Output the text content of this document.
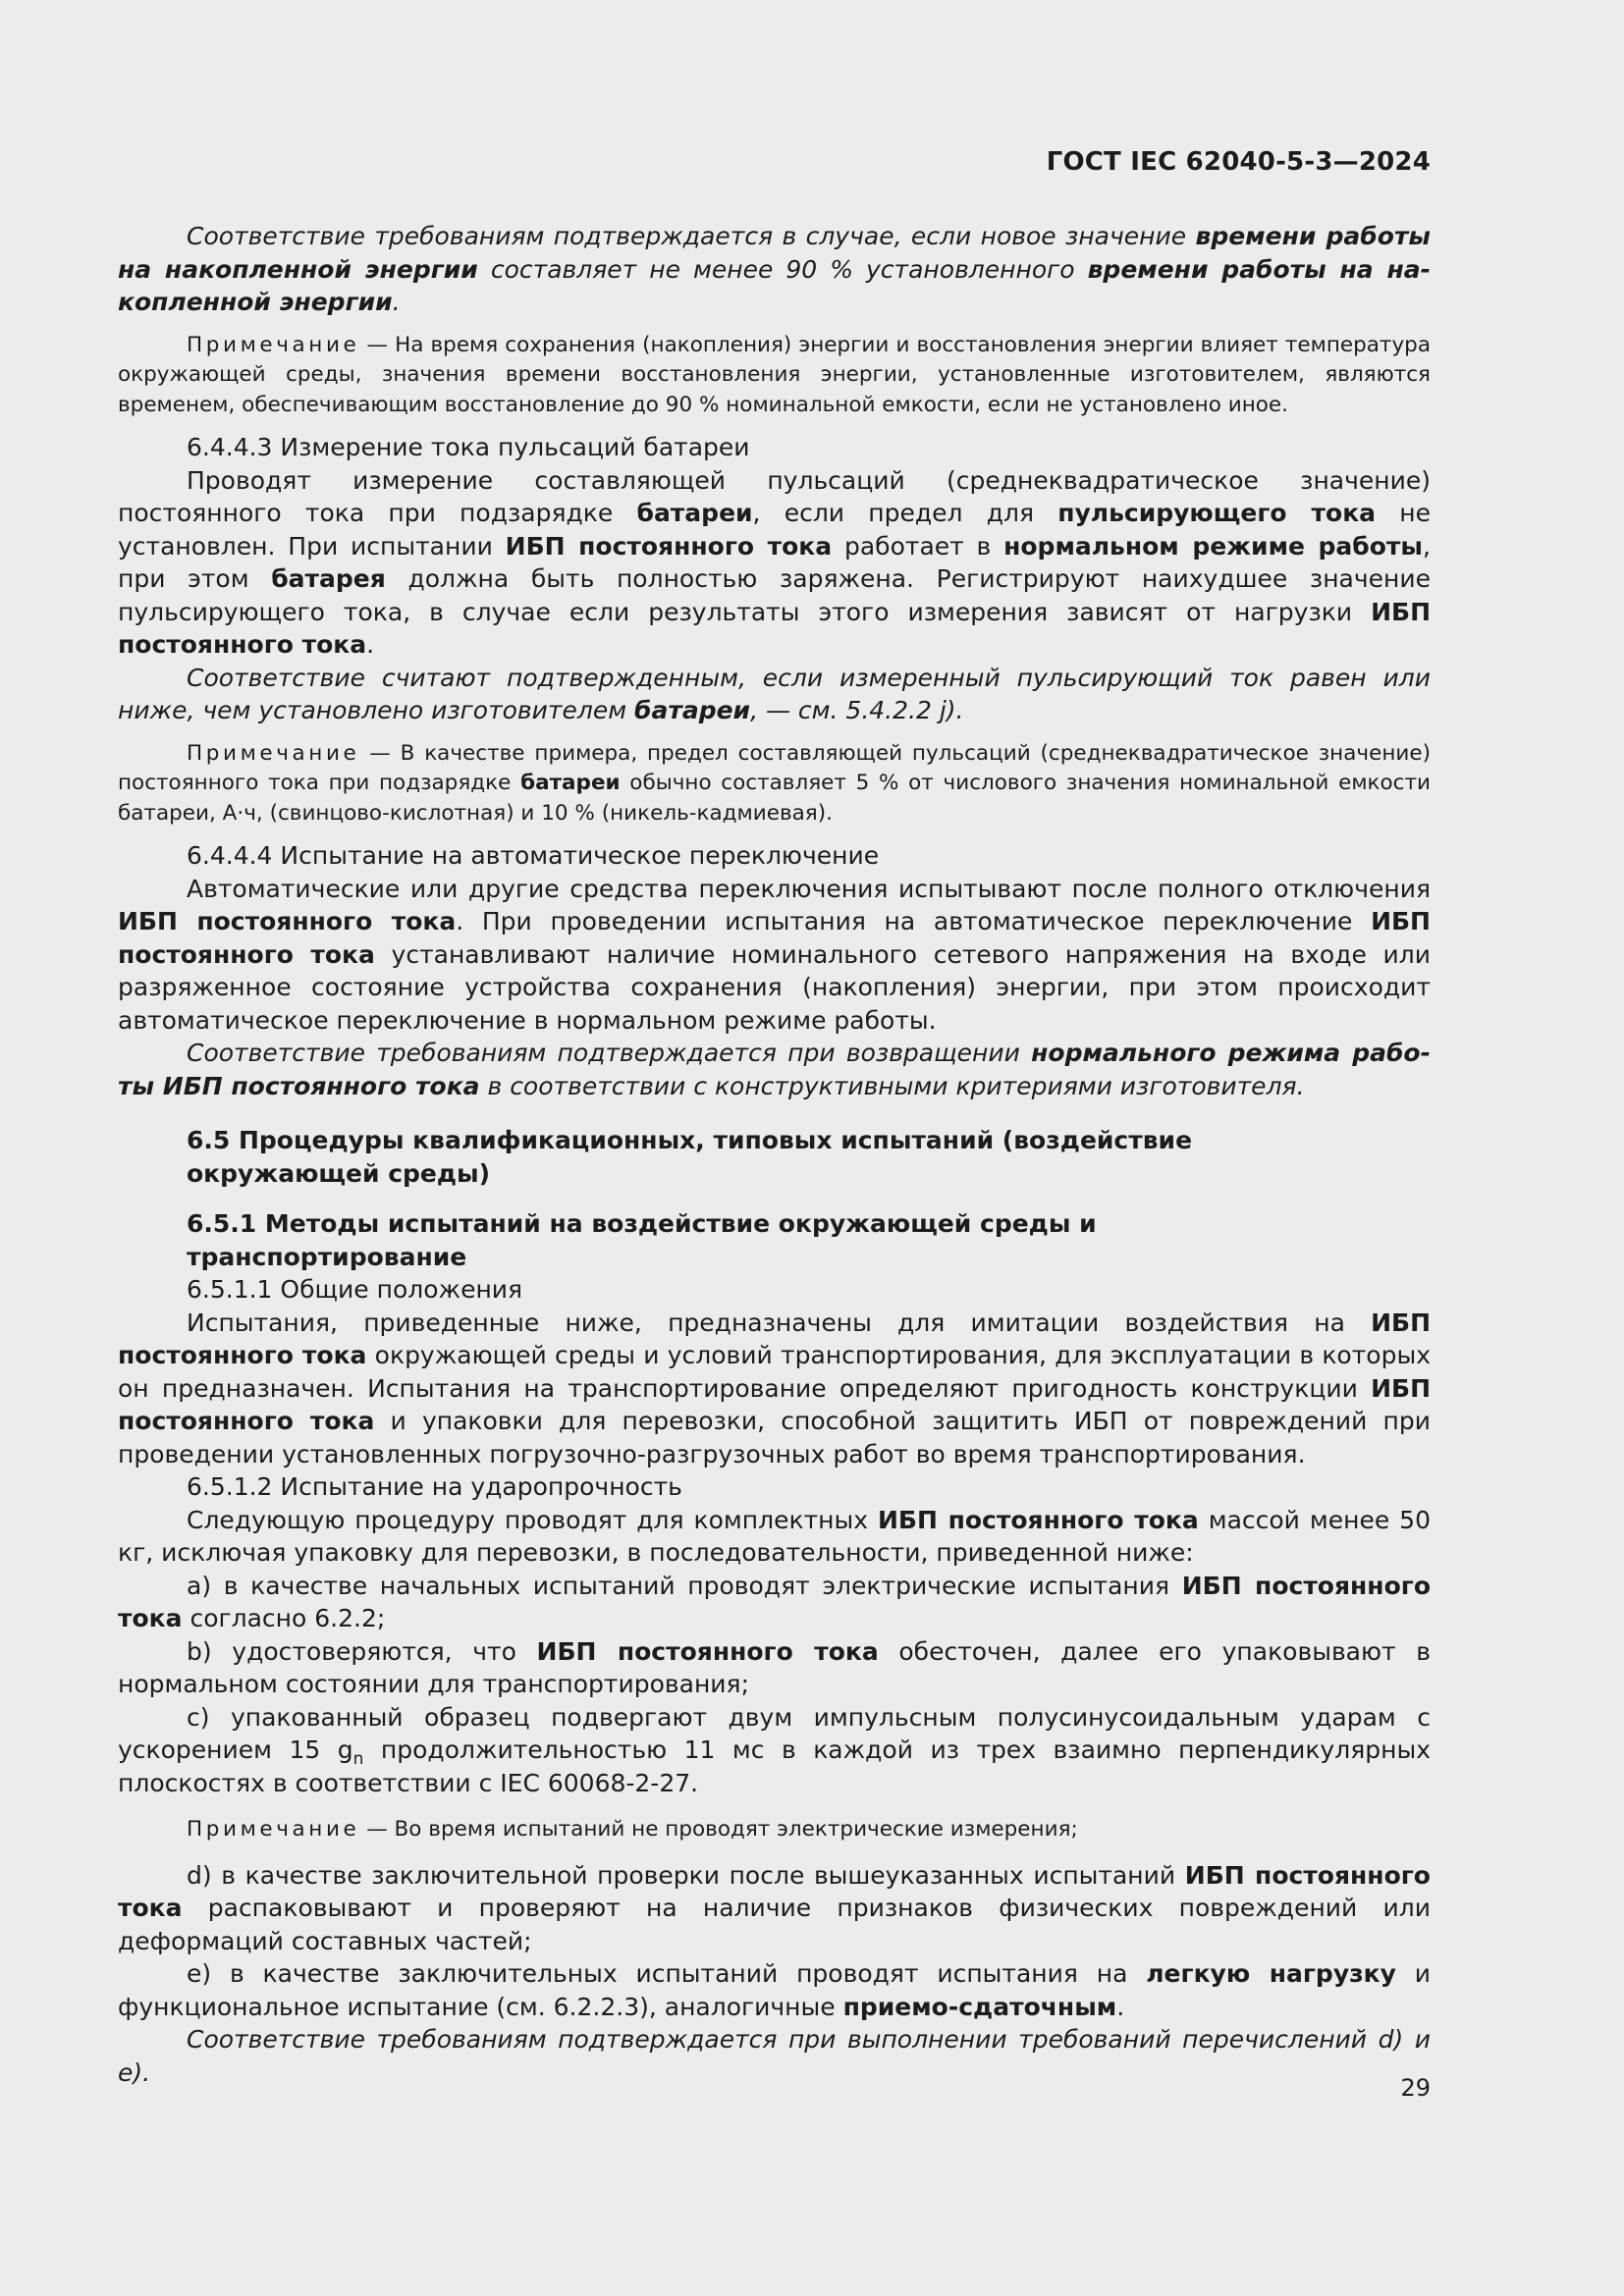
ГОСТ IEC 62040-5-3—2024

Соответствие требованиям подтверждается в случае, если новое значение времени работы на накопленной энергии составляет не менее 90 % установленного времени работы на накопленной энергии.

Примечание — На время сохранения (накопления) энергии и восстановления энергии влияет температура окружающей среды, значения времени восстановления энергии, установленные изготовителем, являются временем, обеспечивающим восстановление до 90 % номинальной емкости, если не установлено иное.

6.4.4.3 Измерение тока пульсаций батареи

Проводят измерение составляющей пульсаций (среднеквадратическое значение) постоянного тока при подзарядке батареи, если предел для пульсирующего тока не установлен. При испытании ИБП постоянного тока работает в нормальном режиме работы, при этом батарея должна быть полностью заряжена. Регистрируют наихудшее значение пульсирующего тока, в случае если результаты этого измерения зависят от нагрузки ИБП постоянного тока.

Соответствие считают подтвержденным, если измеренный пульсирующий ток равен или ниже, чем установлено изготовителем батареи, — см. 5.4.2.2 j).

Примечание — В качестве примера, предел составляющей пульсаций (среднеквадратическое значение) постоянного тока при подзарядке батареи обычно составляет 5 % от числового значения номинальной емкости батареи, А·ч, (свинцово-кислотная) и 10 % (никель-кадмиевая).

6.4.4.4 Испытание на автоматическое переключение

Автоматические или другие средства переключения испытывают после полного отключения ИБП постоянного тока. При проведении испытания на автоматическое переключение ИБП постоянного тока устанавливают наличие номинального сетевого напряжения на входе или разряженное состояние устройства сохранения (накопления) энергии, при этом происходит автоматическое переключение в нормальном режиме работы.

Соответствие требованиям подтверждается при возвращении нормального режима работы ИБП постоянного тока в соответствии с конструктивными критериями изготовителя.

6.5 Процедуры квалификационных, типовых испытаний (воздействие окружающей среды)

6.5.1 Методы испытаний на воздействие окружающей среды и транспортирование

6.5.1.1 Общие положения

Испытания, приведенные ниже, предназначены для имитации воздействия на ИБП постоянного тока окружающей среды и условий транспортирования, для эксплуатации в которых он предназначен. Испытания на транспортирование определяют пригодность конструкции ИБП постоянного тока и упаковки для перевозки, способной защитить ИБП от повреждений при проведении установленных погрузочно-разгрузочных работ во время транспортирования.

6.5.1.2 Испытание на ударопрочность

Следующую процедуру проводят для комплектных ИБП постоянного тока массой менее 50 кг, исключая упаковку для перевозки, в последовательности, приведенной ниже:

a) в качестве начальных испытаний проводят электрические испытания ИБП постоянного тока согласно 6.2.2;

b) удостоверяются, что ИБП постоянного тока обесточен, далее его упаковывают в нормальном состоянии для транспортирования;

c) упакованный образец подвергают двум импульсным полусинусоидальным ударам с ускорением 15 $g_n$ продолжительностью 11 мс в каждой из трех взаимно перпендикулярных плоскостях в соответствии с IEC 60068-2-27.

Примечание — Во время испытаний не проводят электрические измерения;

d) в качестве заключительной проверки после вышеуказанных испытаний ИБП постоянного тока распаковывают и проверяют на наличие признаков физических повреждений или деформаций составных частей;

e) в качестве заключительных испытаний проводят испытания на легкую нагрузку и функциональное испытание (см. 6.2.2.3), аналогичные приемо-сдаточным.

Соответствие требованиям подтверждается при выполнении требований перечислений d) и e).

29
